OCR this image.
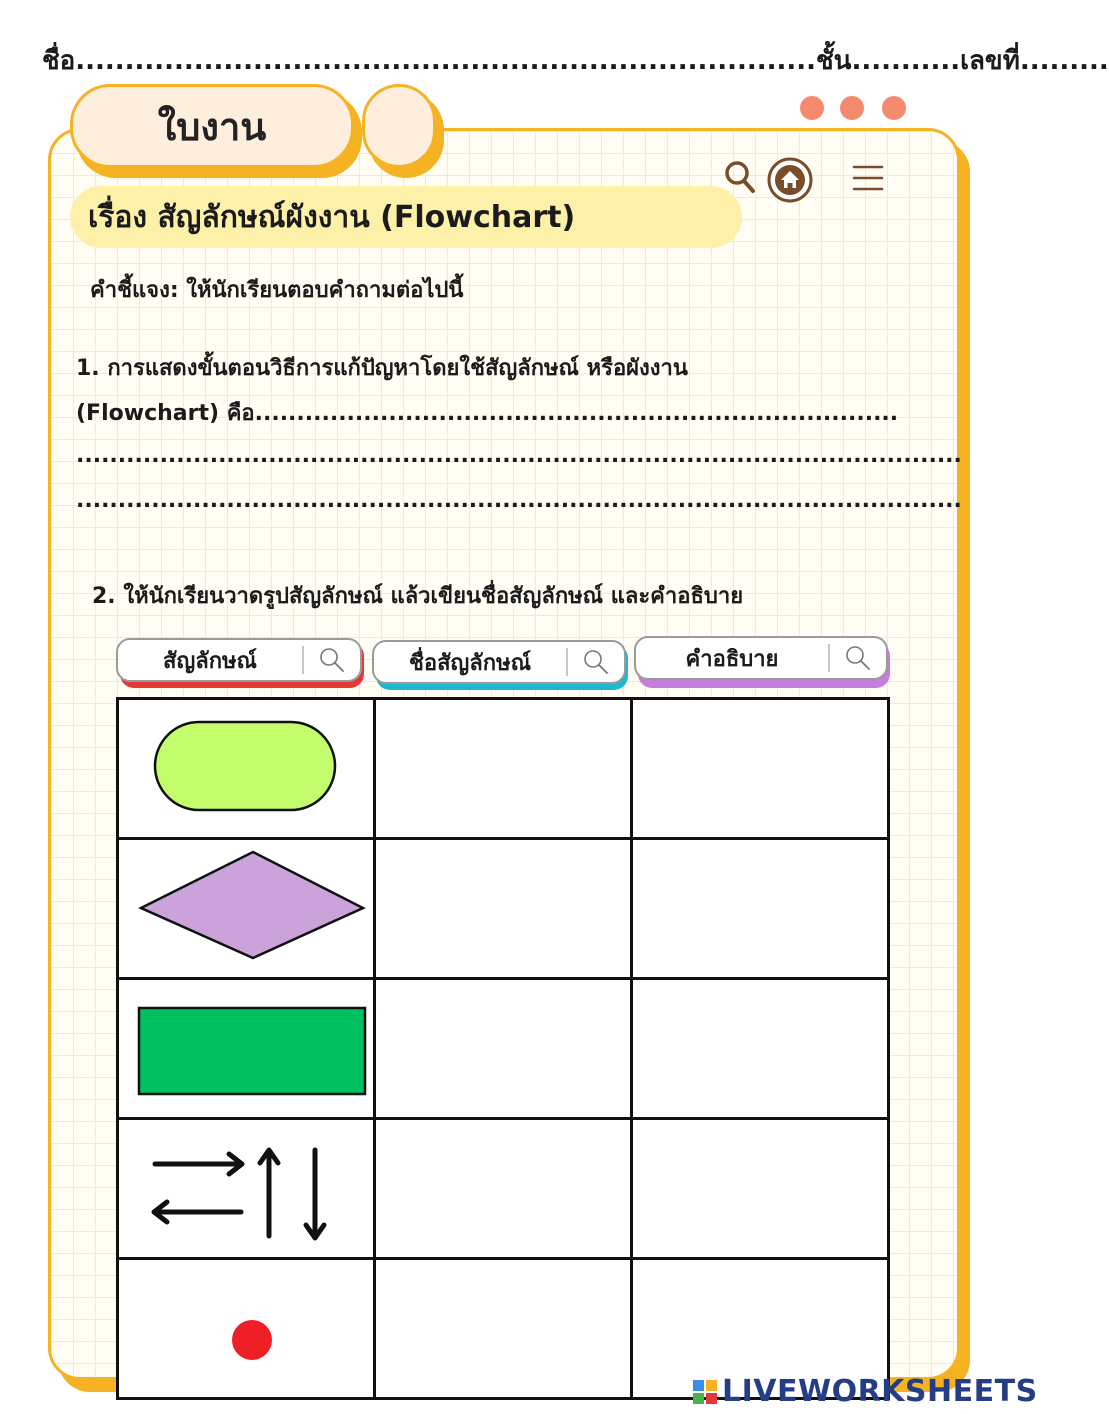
ชื่อ...........................................................................ชั้น...........เลขที่.........
ใบงาน
เรื่อง สัญลักษณ์ผังงาน (Flowchart)
คำชี้แจง: ให้นักเรียนตอบคำถามต่อไปนี้
1. การแสดงขั้นตอนวิธีการแก้ปัญหาโดยใช้สัญลักษณ์ หรือผังงาน
(Flowchart) คือ.............................................................................
..........................................................................................................
..........................................................................................................
2. ให้นักเรียนวาดรูปสัญลักษณ์ แล้วเขียนชื่อสัญลักษณ์ และคำอธิบาย
สัญลักษณ์	ชื่อสัญลักษณ์	คำอธิบาย

LIVEWORKSHEETS
